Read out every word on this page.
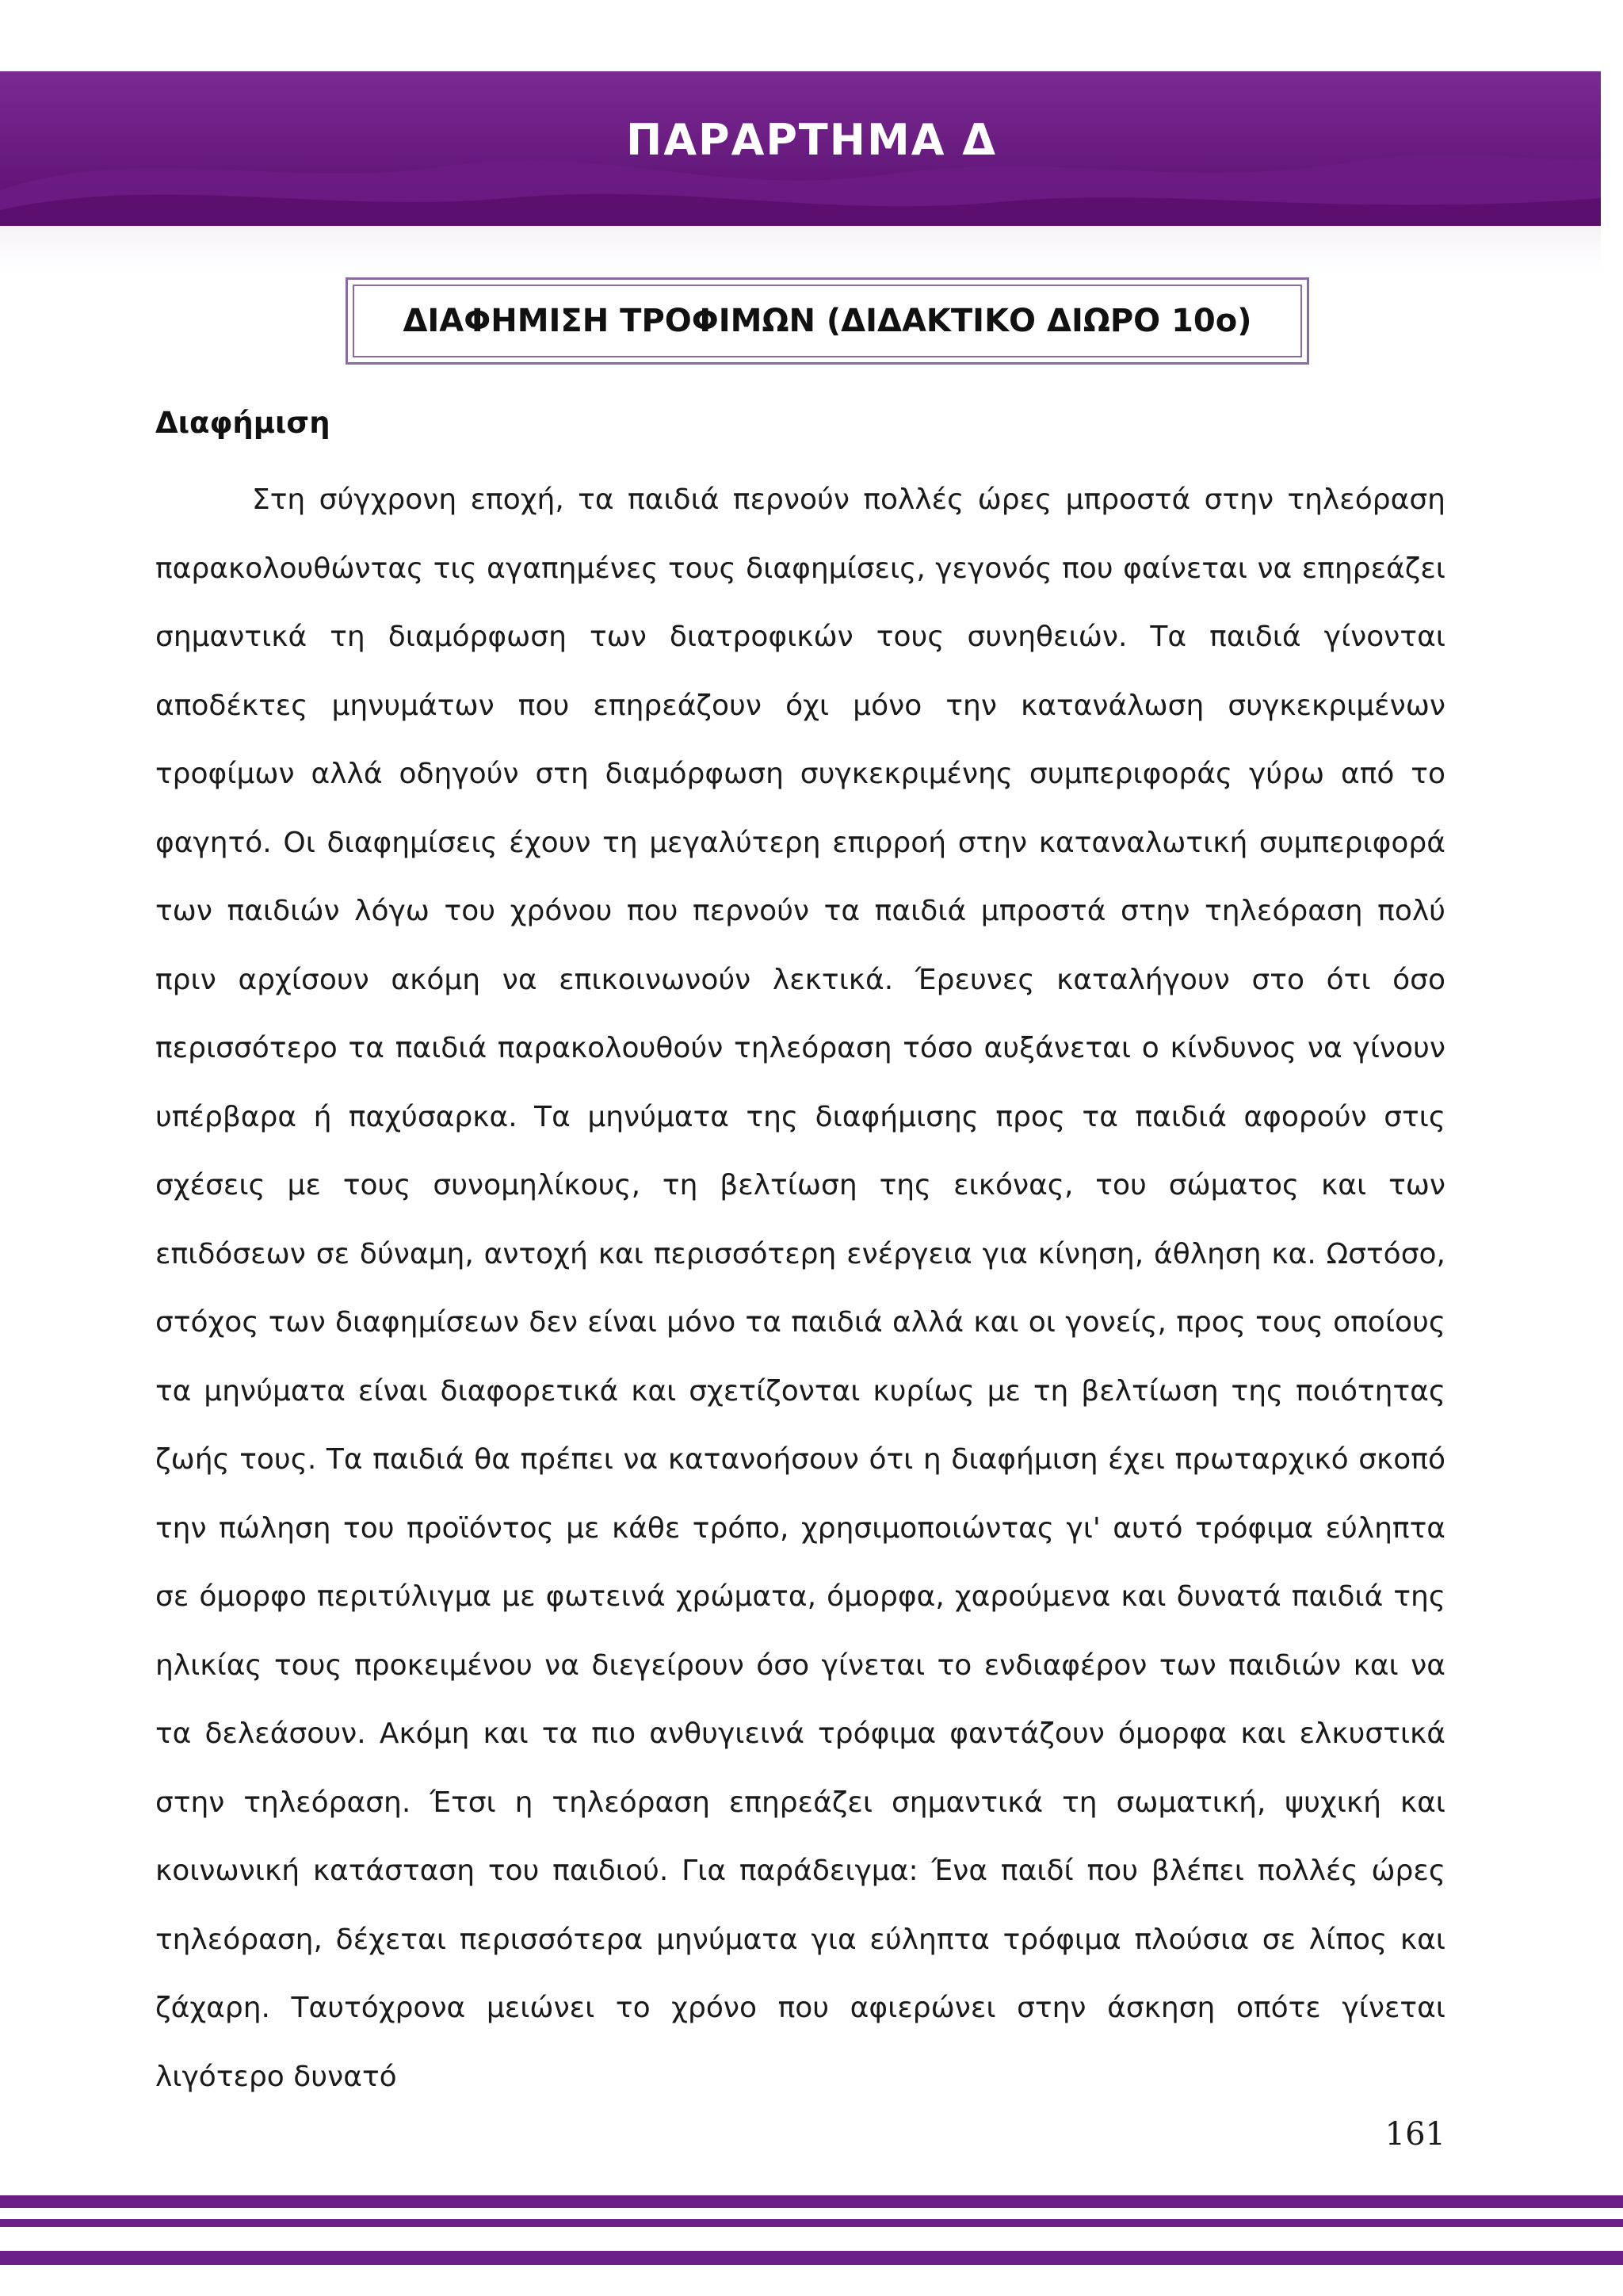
ΠΑΡΑΡΤΗΜΑ Δ
ΔΙΑΦΗΜΙΣΗ ΤΡΟΦΙΜΩΝ (ΔΙΔΑΚΤΙΚΟ ΔΙΩΡΟ 10ο)
Διαφήμιση

Στη σύγχρονη εποχή, τα παιδιά περνούν πολλές ώρες μπροστά στην τηλεόραση παρακολουθώντας τις αγαπημένες τους διαφημίσεις, γεγονός που φαίνεται να επηρεάζει σημαντικά τη διαμόρφωση των διατροφικών τους συνηθειών. Τα παιδιά γίνονται αποδέκτες μηνυμάτων που επηρεάζουν όχι μόνο την κατανάλωση συγκεκριμένων τροφίμων αλλά οδηγούν στη διαμόρφωση συγκεκριμένης συμπεριφοράς γύρω από το φαγητό. Οι διαφημίσεις έχουν τη μεγαλύτερη επιρροή στην καταναλωτική συμπεριφορά των παιδιών λόγω του χρόνου που περνούν τα παιδιά μπροστά στην τηλεόραση πολύ πριν αρχίσουν ακόμη να επικοινωνούν λεκτικά. Έρευνες καταλήγουν στο ότι όσο περισσότερο τα παιδιά παρακολουθούν τηλεόραση τόσο αυξάνεται ο κίνδυνος να γίνουν υπέρβαρα ή παχύσαρκα. Τα μηνύματα της διαφήμισης προς τα παιδιά αφορούν στις σχέσεις με τους συνομηλίκους, τη βελτίωση της εικόνας, του σώματος και των επιδόσεων σε δύναμη, αντοχή και περισσότερη ενέργεια για κίνηση, άθληση κα. Ωστόσο, στόχος των διαφημίσεων δεν είναι μόνο τα παιδιά αλλά και οι γονείς, προς τους οποίους τα μηνύματα είναι διαφορετικά και σχετίζονται κυρίως με τη βελτίωση της ποιότητας ζωής τους. Τα παιδιά θα πρέπει να κατανοήσουν ότι η διαφήμιση έχει πρωταρχικό σκοπό την πώληση του προϊόντος με κάθε τρόπο, χρησιμοποιώντας γι' αυτό τρόφιμα εύληπτα σε όμορφο περιτύλιγμα με φωτεινά χρώματα, όμορφα, χαρούμενα και δυνατά παιδιά της ηλικίας τους προκειμένου να διεγείρουν όσο γίνεται το ενδιαφέρον των παιδιών και να τα δελεάσουν. Ακόμη και τα πιο ανθυγιεινά τρόφιμα φαντάζουν όμορφα και ελκυστικά στην τηλεόραση. Έτσι η τηλεόραση επηρεάζει σημαντικά τη σωματική, ψυχική και κοινωνική κατάσταση του παιδιού. Για παράδειγμα: Ένα παιδί που βλέπει πολλές ώρες τηλεόραση, δέχεται περισσότερα μηνύματα για εύληπτα τρόφιμα πλούσια σε λίπος και ζάχαρη. Ταυτόχρονα μειώνει το χρόνο που αφιερώνει στην άσκηση οπότε γίνεται λιγότερο δυνατό

161
